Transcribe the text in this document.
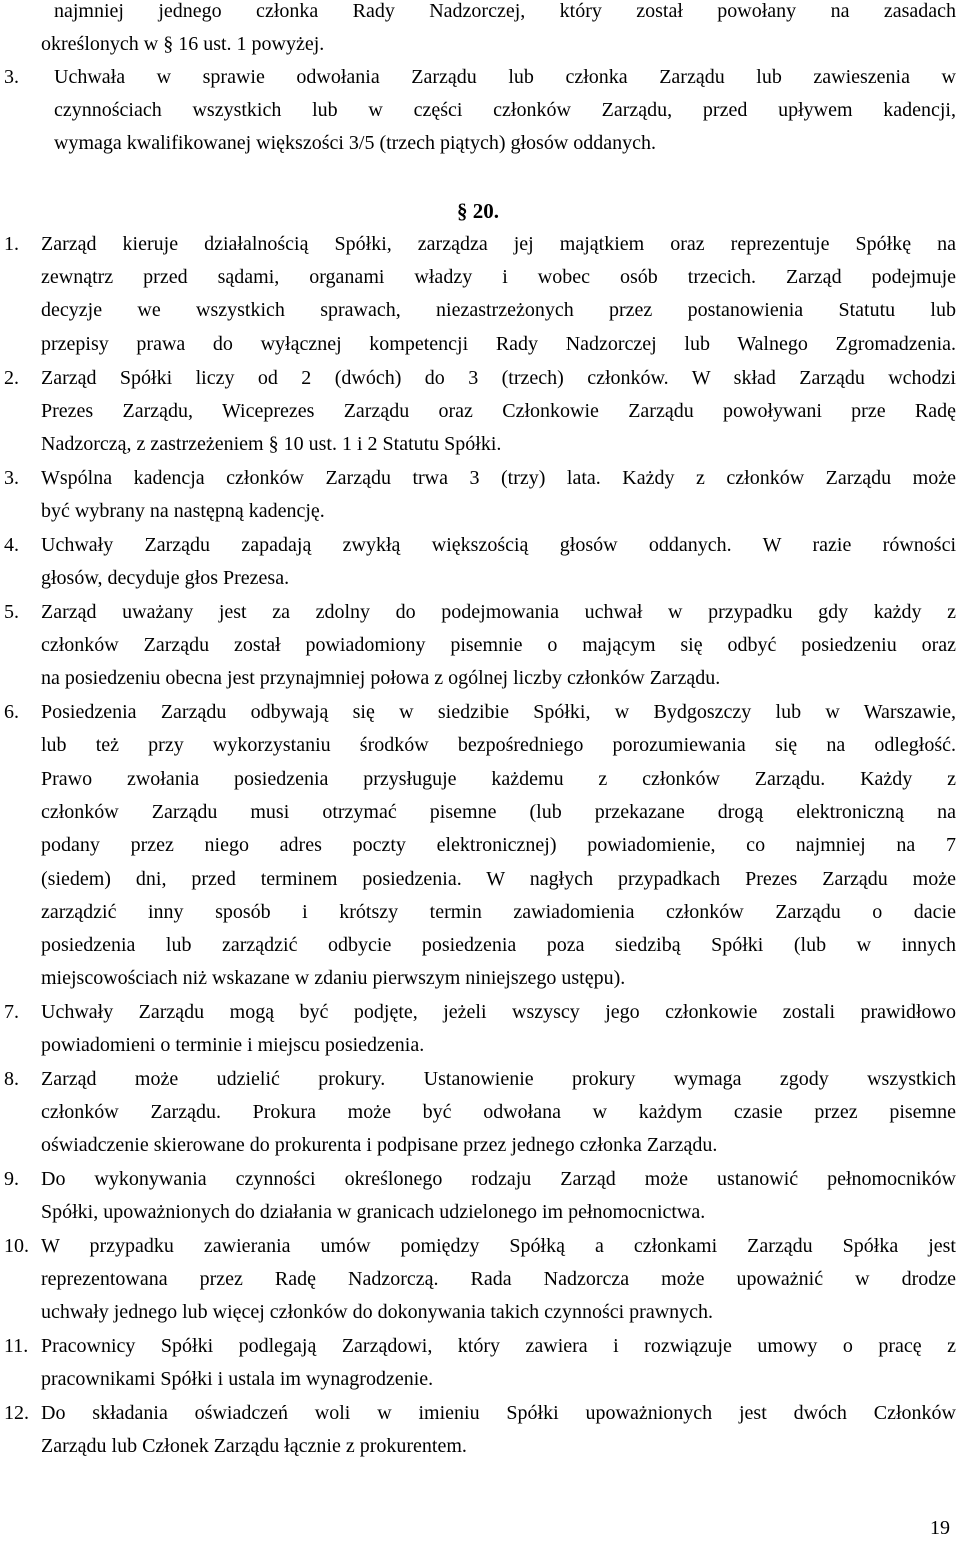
najmniej jednego członka Rady Nadzorczej, który został powołany na zasadach
określonych w § 16 ust. 1 powyżej.
3. Uchwała w sprawie odwołania Zarządu lub członka Zarządu lub zawieszenia w
czynnościach wszystkich lub w części członków Zarządu, przed upływem kadencji,
wymaga kwalifikowanej większości 3/5 (trzech piątych) głosów oddanych.
§ 20.
1. Zarząd kieruje działalnością Spółki, zarządza jej majątkiem oraz reprezentuje Spółkę na
zewnątrz przed sądami, organami władzy i wobec osób trzecich. Zarząd podejmuje
decyzje we wszystkich sprawach, niezastrzeżonych przez postanowienia Statutu lub
przepisy prawa do wyłącznej kompetencji Rady Nadzorczej lub Walnego Zgromadzenia.
2. Zarząd Spółki liczy od 2 (dwóch) do 3 (trzech) członków. W skład Zarządu wchodzi
Prezes Zarządu, Wiceprezes Zarządu oraz Członkowie Zarządu powoływani prze Radę
Nadzorczą, z zastrzeżeniem § 10 ust. 1 i 2 Statutu Spółki.
3. Wspólna kadencja członków Zarządu trwa 3 (trzy) lata. Każdy z członków Zarządu może
być wybrany na następną kadencję.
4. Uchwały Zarządu zapadają zwykłą większością głosów oddanych. W razie równości
głosów, decyduje głos Prezesa.
5. Zarząd uważany jest za zdolny do podejmowania uchwał w przypadku gdy każdy z
członków Zarządu został powiadomiony pisemnie o mającym się odbyć posiedzeniu oraz
na posiedzeniu obecna jest przynajmniej połowa z ogólnej liczby członków Zarządu.
6. Posiedzenia Zarządu odbywają się w siedzibie Spółki, w Bydgoszczy lub w Warszawie,
lub też przy wykorzystaniu środków bezpośredniego porozumiewania się na odległość.
Prawo zwołania posiedzenia przysługuje każdemu z członków Zarządu. Każdy z
członków Zarządu musi otrzymać pisemne (lub przekazane drogą elektroniczną na
podany przez niego adres poczty elektronicznej) powiadomienie, co najmniej na 7
(siedem) dni, przed terminem posiedzenia. W nagłych przypadkach Prezes Zarządu może
zarządzić inny sposób i krótszy termin zawiadomienia członków Zarządu o dacie
posiedzenia lub zarządzić odbycie posiedzenia poza siedzibą Spółki (lub w innych
miejscowościach niż wskazane w zdaniu pierwszym niniejszego ustępu).
7. Uchwały Zarządu mogą być podjęte, jeżeli wszyscy jego członkowie zostali prawidłowo
powiadomieni o terminie i miejscu posiedzenia.
8. Zarząd może udzielić prokury. Ustanowienie prokury wymaga zgody wszystkich
członków Zarządu. Prokura może być odwołana w każdym czasie przez pisemne
oświadczenie skierowane do prokurenta i podpisane przez jednego członka Zarządu.
9. Do wykonywania czynności określonego rodzaju Zarząd może ustanowić pełnomocników
Spółki, upoważnionych do działania w granicach udzielonego im pełnomocnictwa.
10. W przypadku zawierania umów pomiędzy Spółką a członkami Zarządu Spółka jest
reprezentowana przez Radę Nadzorczą. Rada Nadzorcza może upoważnić w drodze
uchwały jednego lub więcej członków do dokonywania takich czynności prawnych.
11. Pracownicy Spółki podlegają Zarządowi, który zawiera i rozwiązuje umowy o pracę z
pracownikami Spółki i ustala im wynagrodzenie.
12. Do składania oświadczeń woli w imieniu Spółki upoważnionych jest dwóch Członków
Zarządu lub Członek Zarządu łącznie z prokurentem.
19
